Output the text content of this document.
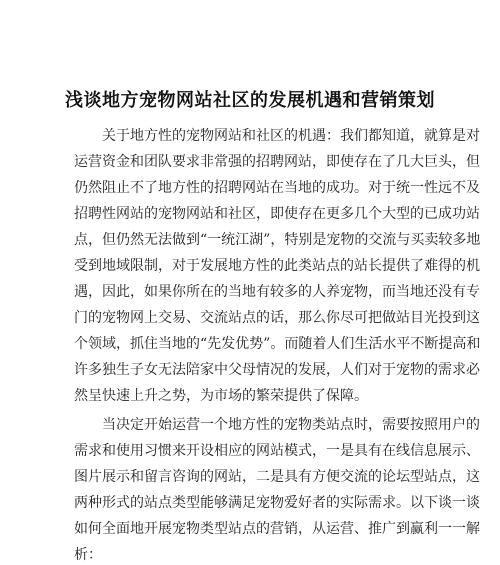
浅谈地方宠物网站社区的发展机遇和营销策划
关于地方性的宠物网站和社区的机遇：我们都知道，就算是对
运营资金和团队要求非常强的招聘网站，即使存在了几大巨头，但
仍然阻止不了地方性的招聘网站在当地的成功。对于统一性远不及
招聘性网站的宠物网站和社区，即使存在更多几个大型的已成功站
点，但仍然无法做到“一统江湖”，特别是宠物的交流与买卖较多地
受到地域限制，对于发展地方性的此类站点的站长提供了难得的机
遇，因此，如果你所在的当地有较多的人养宠物，而当地还没有专
门的宠物网上交易、交流站点的话，那么你尽可把做站目光投到这
个领域，抓住当地的“先发优势”。而随着人们生活水平不断提高和
许多独生子女无法陪家中父母情况的发展，人们对于宠物的需求必
然呈快速上升之势，为市场的繁荣提供了保障。
当决定开始运营一个地方性的宠物类站点时，需要按照用户的
需求和使用习惯来开设相应的网站模式，一是具有在线信息展示、
图片展示和留言咨询的网站，二是具有方便交流的论坛型站点，这
两种形式的站点类型能够满足宠物爱好者的实际需求。以下谈一谈
如何全面地开展宠物类型站点的营销，从运营、推广到赢利一一解
析：
